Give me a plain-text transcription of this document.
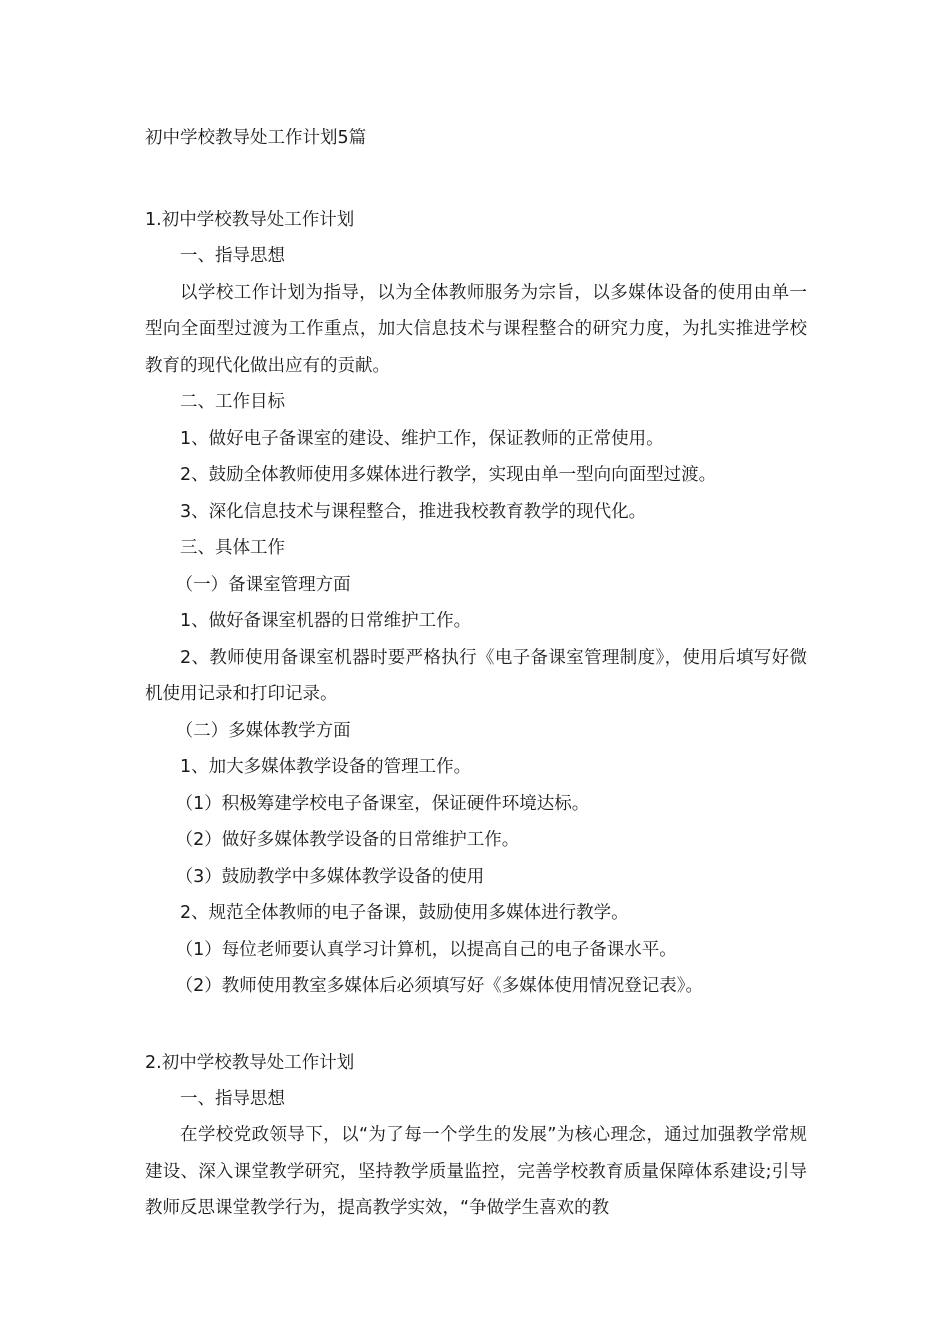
初中学校教导处工作计划5篇
1.初中学校教导处工作计划

一、指导思想

以学校工作计划为指导，以为全体教师服务为宗旨，以多媒体设备的使用由单一型向全面型过渡为工作重点，加大信息技术与课程整合的研究力度，为扎实推进学校教育的现代化做出应有的贡献。

二、工作目标

1、做好电子备课室的建设、维护工作，保证教师的正常使用。

2、鼓励全体教师使用多媒体进行教学，实现由单一型向向面型过渡。

3、深化信息技术与课程整合，推进我校教育教学的现代化。

三、具体工作

（一）备课室管理方面

1、做好备课室机器的日常维护工作。

2、教师使用备课室机器时要严格执行《电子备课室管理制度》，使用后填写好微机使用记录和打印记录。

（二）多媒体教学方面

1、加大多媒体教学设备的管理工作。

（1）积极筹建学校电子备课室，保证硬件环境达标。

（2）做好多媒体教学设备的日常维护工作。

（3）鼓励教学中多媒体教学设备的使用

2、规范全体教师的电子备课，鼓励使用多媒体进行教学。

（1）每位老师要认真学习计算机，以提高自己的电子备课水平。

（2）教师使用教室多媒体后必须填写好《多媒体使用情况登记表》。

2.初中学校教导处工作计划

一、指导思想

在学校党政领导下，以“为了每一个学生的发展”为核心理念，通过加强教学常规建设、深入课堂教学研究，坚持教学质量监控，完善学校教育质量保障体系建设;引导教师反思课堂教学行为，提高教学实效，“争做学生喜欢的教
